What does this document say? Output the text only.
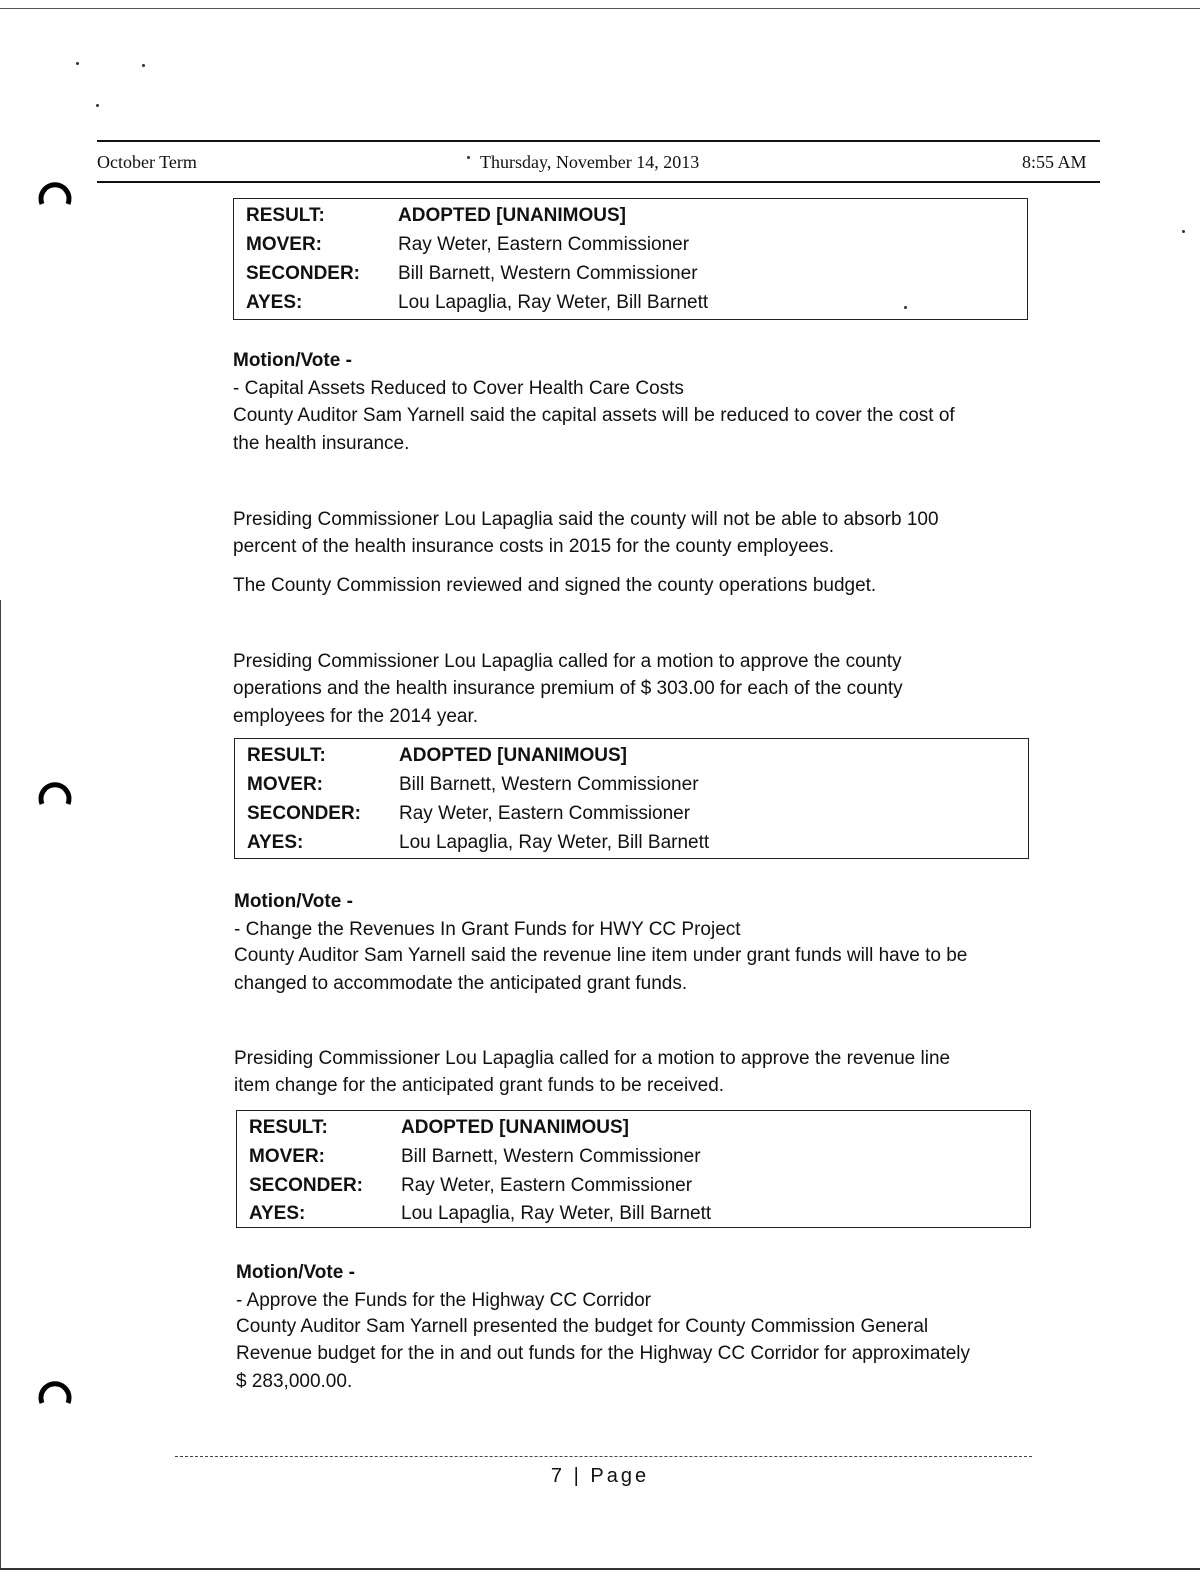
October Term	Thursday, November 14, 2013	8:55 AM
RESULT:	ADOPTED [UNANIMOUS]
MOVER:	Ray Weter, Eastern Commissioner
SECONDER: Bill Barnett, Western Commissioner
AYES:	Lou Lapaglia, Ray Weter, Bill Barnett
Motion/Vote -
- Capital Assets Reduced to Cover Health Care Costs
County Auditor Sam Yarnell said the capital assets will be reduced to cover the cost of
the health insurance.
Presiding Commissioner Lou Lapaglia said the county will not be able to absorb 100
percent of the health insurance costs in 2015 for the county employees.
The County Commission reviewed and signed the county operations budget.
Presiding Commissioner Lou Lapaglia called for a motion to approve the county
operations and the health insurance premium of $ 303.00 for each of the county
employees for the 2014 year.
RESULT:	ADOPTED [UNANIMOUS]
MOVER:	Bill Barnett, Western Commissioner
SECONDER: Ray Weter, Eastern Commissioner
AYES:	Lou Lapaglia, Ray Weter, Bill Barnett
Motion/Vote -
- Change the Revenues In Grant Funds for HWY CC Project
County Auditor Sam Yarnell said the revenue line item under grant funds will have to be
changed to accommodate the anticipated grant funds.
Presiding Commissioner Lou Lapaglia called for a motion to approve the revenue line
item change for the anticipated grant funds to be received.
RESULT:	ADOPTED [UNANIMOUS]
MOVER:	Bill Barnett, Western Commissioner
SECONDER: Ray Weter, Eastern Commissioner
AYES:	Lou Lapaglia, Ray Weter, Bill Barnett
Motion/Vote -
- Approve the Funds for the Highway CC Corridor
County Auditor Sam Yarnell presented the budget for County Commission General
Revenue budget for the in and out funds for the Highway CC Corridor for approximately
$ 283,000.00.
7 | Page
